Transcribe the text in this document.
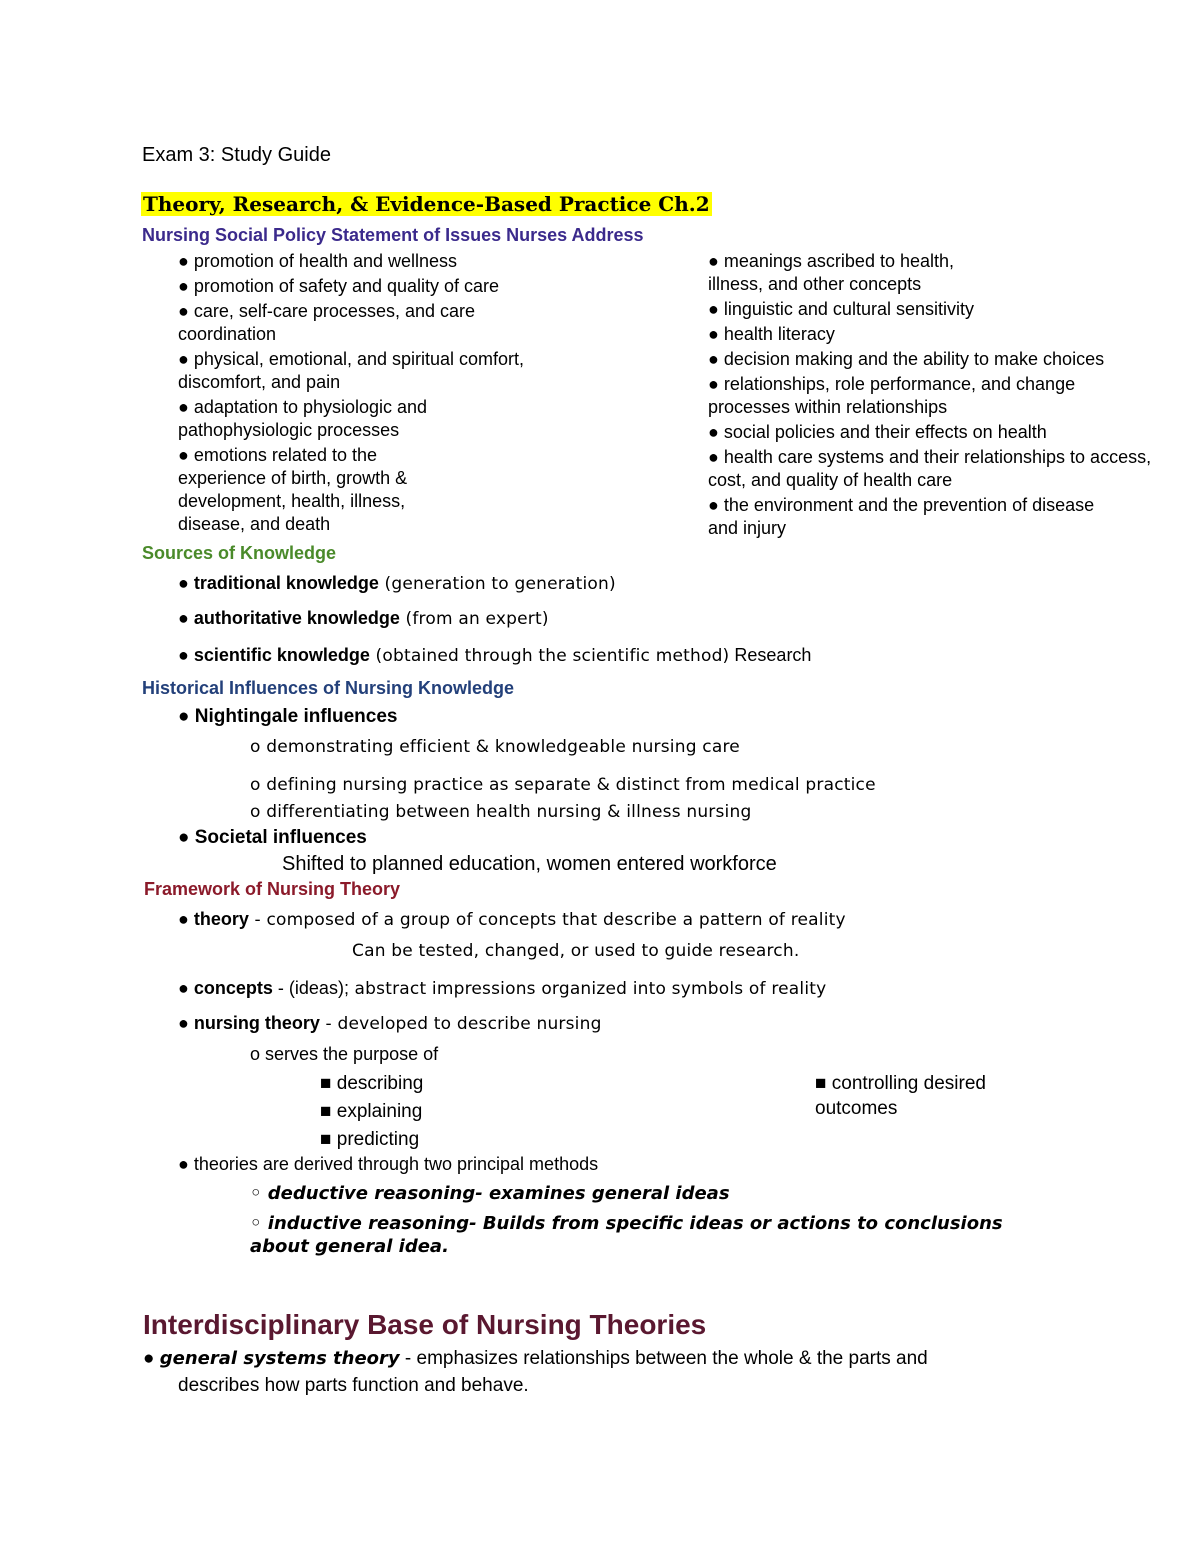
Exam 3: Study Guide
Theory, Research, & Evidence-Based Practice Ch.2
Nursing Social Policy Statement of Issues Nurses Address
● promotion of health and wellness
● promotion of safety and quality of care
● care, self-care processes, and care
coordination
● physical, emotional, and spiritual comfort,
discomfort, and pain
● adaptation to physiologic and
pathophysiologic processes
● emotions related to the
experience of birth, growth &
development, health, illness,
disease, and death
● meanings ascribed to health,
illness, and other concepts
● linguistic and cultural sensitivity
● health literacy
● decision making and the ability to make choices
● relationships, role performance, and change
processes within relationships
● social policies and their effects on health
● health care systems and their relationships to access,
cost, and quality of health care
● the environment and the prevention of disease
and injury
Sources of Knowledge
● traditional knowledge (generation to generation)
● authoritative knowledge (from an expert)
● scientific knowledge (obtained through the scientific method) Research
Historical Influences of Nursing Knowledge
● Nightingale influences
o demonstrating efficient & knowledgeable nursing care
o defining nursing practice as separate & distinct from medical practice
o differentiating between health nursing & illness nursing
● Societal influences
Shifted to planned education, women entered workforce
Framework of Nursing Theory
● theory - composed of a group of concepts that describe a pattern of reality
Can be tested, changed, or used to guide research.
● concepts - (ideas); abstract impressions organized into symbols of reality
● nursing theory - developed to describe nursing
o serves the purpose of
■ describing
■ explaining
■ predicting
■ controlling desired
outcomes
● theories are derived through two principal methods
◦ deductive reasoning- examines general ideas
◦ inductive reasoning- Builds from specific ideas or actions to conclusions
about general idea.
Interdisciplinary Base of Nursing Theories
● general systems theory - emphasizes relationships between the whole & the parts and
describes how parts function and behave.
